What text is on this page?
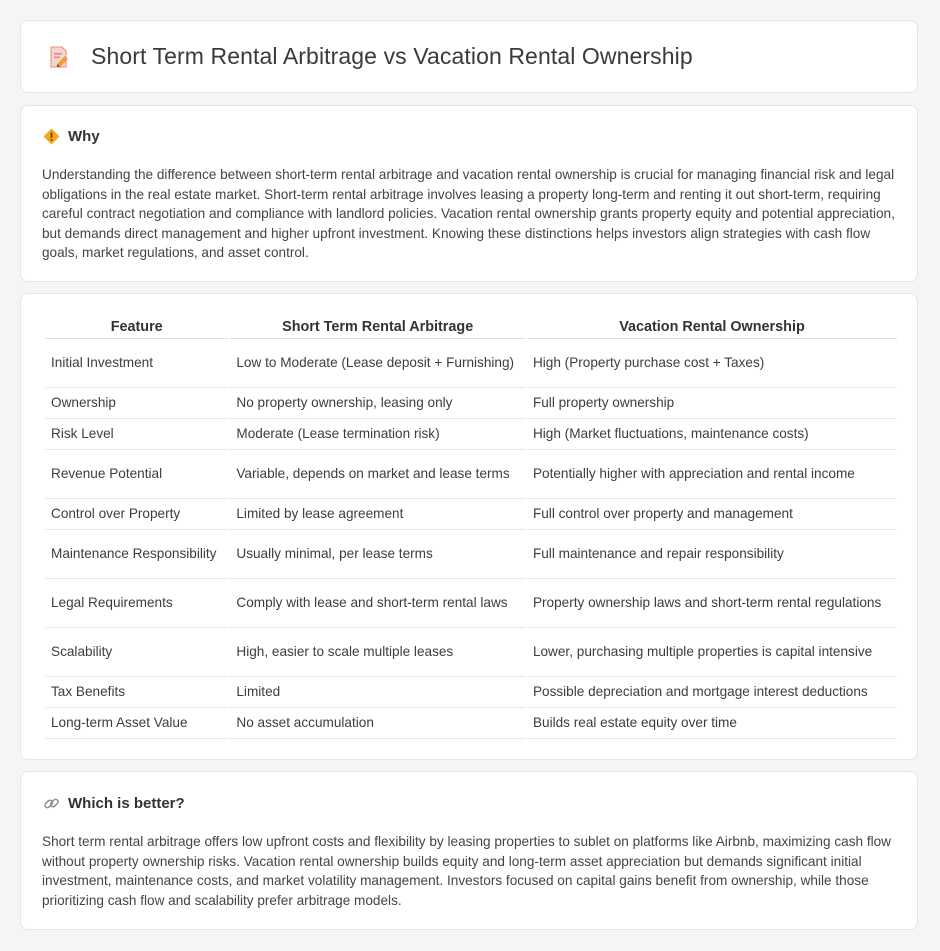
Short Term Rental Arbitrage vs Vacation Rental Ownership
Why

Understanding the difference between short-term rental arbitrage and vacation rental ownership is crucial for managing financial risk and legal obligations in the real estate market. Short-term rental arbitrage involves leasing a property long-term and renting it out short-term, requiring careful contract negotiation and compliance with landlord policies. Vacation rental ownership grants property equity and potential appreciation, but demands direct management and higher upfront investment. Knowing these distinctions helps investors align strategies with cash flow goals, market regulations, and asset control.

Feature	Short Term Rental Arbitrage	Vacation Rental Ownership
Initial Investment	Low to Moderate (Lease deposit + Furnishing)	High (Property purchase cost + Taxes)
Ownership	No property ownership, leasing only	Full property ownership
Risk Level	Moderate (Lease termination risk)	High (Market fluctuations, maintenance costs)
Revenue Potential	Variable, depends on market and lease terms	Potentially higher with appreciation and rental income
Control over Property	Limited by lease agreement	Full control over property and management
Maintenance Responsibility	Usually minimal, per lease terms	Full maintenance and repair responsibility
Legal Requirements	Comply with lease and short-term rental laws	Property ownership laws and short-term rental regulations
Scalability	High, easier to scale multiple leases	Lower, purchasing multiple properties is capital intensive
Tax Benefits	Limited	Possible depreciation and mortgage interest deductions
Long-term Asset Value	No asset accumulation	Builds real estate equity over time
Which is better?

Short term rental arbitrage offers low upfront costs and flexibility by leasing properties to sublet on platforms like Airbnb, maximizing cash flow without property ownership risks. Vacation rental ownership builds equity and long-term asset appreciation but demands significant initial investment, maintenance costs, and market volatility management. Investors focused on capital gains benefit from ownership, while those prioritizing cash flow and scalability prefer arbitrage models.
